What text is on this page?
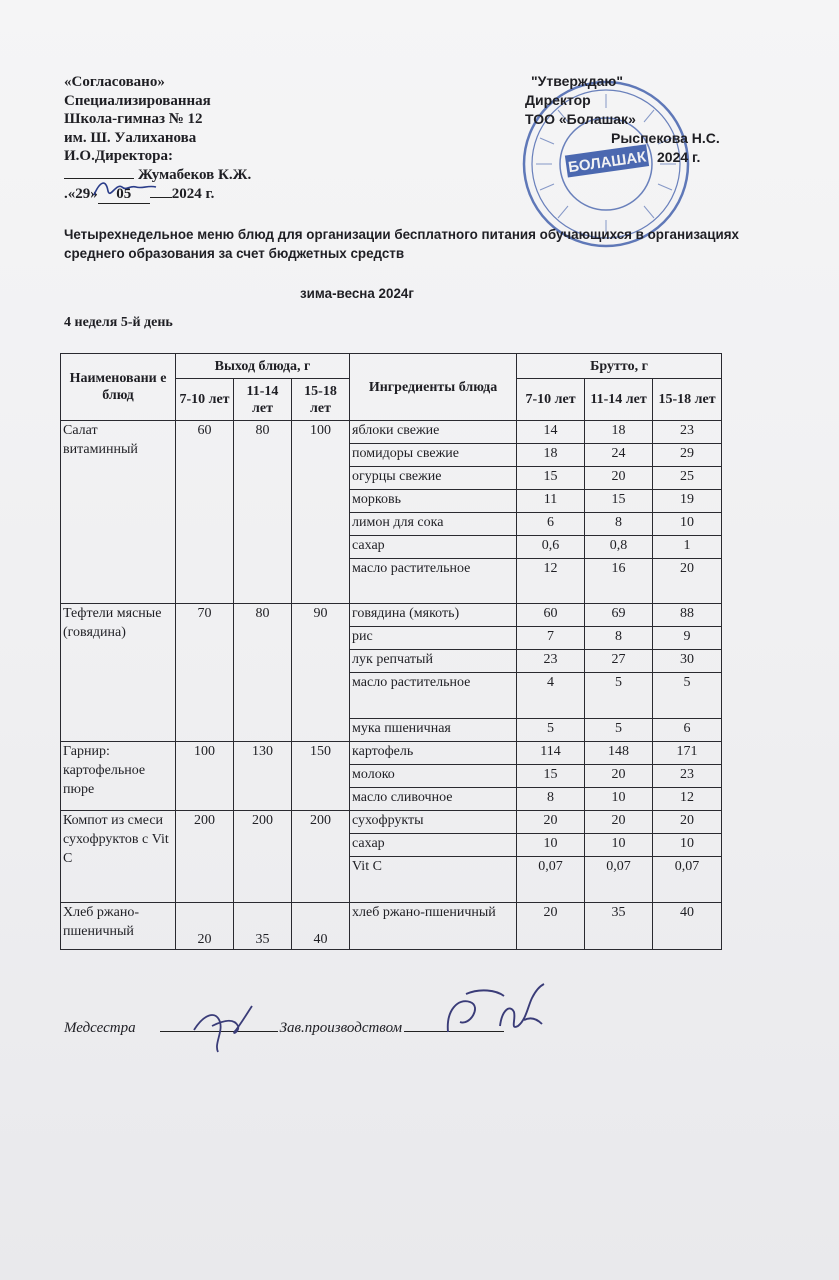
«Согласовано»
Специализированная
Школа-гимназ № 12
им. Ш. Уалиханова
И.О.Директора:
Жумабеков К.Ж.
.«29» 05	2024 г.
БОЛАШАК
"Утверждаю"
Директор
ТОО «Болашак»
Рыспекова Н.С.
2024 г.
Четырехнедельное меню блюд для организации бесплатного питания обучающихся в организациях среднего образования за счет бюджетных средств
зима-весна 2024г
4 неделя 5-й день
Наименовани е блюд	Выход блюда, г			Ингредиенты блюда	Брутто, г		
	7-10 лет	11-14 лет	15-18 лет		7-10 лет	11-14 лет	15-18 лет
Салат витаминный	60	80	100	яблоки свежие	14	18	23
				помидоры свежие	18	24	29
				огурцы свежие	15	20	25
				морковь	11	15	19
				лимон для сока	6	8	10
				сахар	0,6	0,8	1
				масло растительное	12	16	20
Тефтели мясные (говядина)	70	80	90	говядина (мякоть)	60	69	88
				рис	7	8	9
				лук репчатый	23	27	30
				масло растительное	4	5	5
				мука пшеничная	5	5	6
Гарнир: картофельное пюре	100	130	150	картофель	114	148	171
				молоко	15	20	23
				масло сливочное	8	10	12
Компот из смеси сухофруктов с Vit C	200	200	200	сухофрукты	20	20	20
				сахар	10	10	10
				Vit C	0,07	0,07	0,07
Хлеб ржано-пшеничный	20	35	40	хлеб ржано-пшеничный	20	35	40
Медсестра	Зав.производством
